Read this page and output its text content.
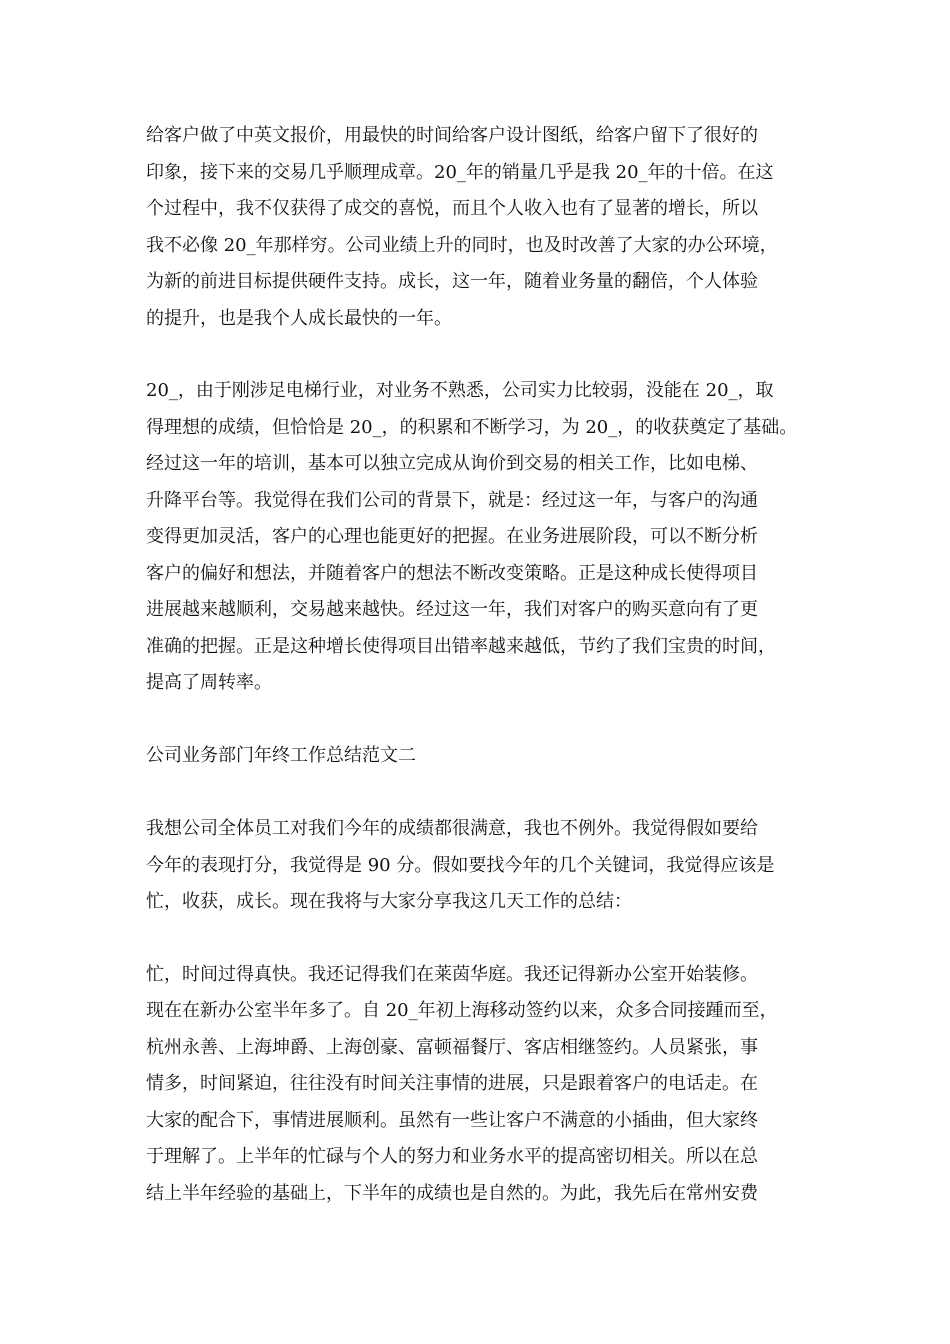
给客户做了中英文报价，用最快的时间给客户设计图纸，给客户留下了很好的
印象，接下来的交易几乎顺理成章。20_年的销量几乎是我 20_年的十倍。在这
个过程中，我不仅获得了成交的喜悦，而且个人收入也有了显著的增长，所以
我不必像 20_年那样穷。公司业绩上升的同时，也及时改善了大家的办公环境，
为新的前进目标提供硬件支持。成长，这一年，随着业务量的翻倍，个人体验
的提升，也是我个人成长最快的一年。
20_，由于刚涉足电梯行业，对业务不熟悉，公司实力比较弱，没能在 20_，取
得理想的成绩，但恰恰是 20_，的积累和不断学习，为 20_，的收获奠定了基础。
经过这一年的培训，基本可以独立完成从询价到交易的相关工作，比如电梯、
升降平台等。我觉得在我们公司的背景下，就是：经过这一年，与客户的沟通
变得更加灵活，客户的心理也能更好的把握。在业务进展阶段，可以不断分析
客户的偏好和想法，并随着客户的想法不断改变策略。正是这种成长使得项目
进展越来越顺利，交易越来越快。经过这一年，我们对客户的购买意向有了更
准确的把握。正是这种增长使得项目出错率越来越低，节约了我们宝贵的时间，
提高了周转率。
公司业务部门年终工作总结范文二
我想公司全体员工对我们今年的成绩都很满意，我也不例外。我觉得假如要给
今年的表现打分，我觉得是 90 分。假如要找今年的几个关键词，我觉得应该是
忙，收获，成长。现在我将与大家分享我这几天工作的总结：
忙，时间过得真快。我还记得我们在莱茵华庭。我还记得新办公室开始装修。
现在在新办公室半年多了。自 20_年初上海移动签约以来，众多合同接踵而至，
杭州永善、上海坤爵、上海创豪、富顿福餐厅、客店相继签约。人员紧张，事
情多，时间紧迫，往往没有时间关注事情的进展，只是跟着客户的电话走。在
大家的配合下，事情进展顺利。虽然有一些让客户不满意的小插曲，但大家终
于理解了。上半年的忙碌与个人的努力和业务水平的提高密切相关。所以在总
结上半年经验的基础上，下半年的成绩也是自然的。为此，我先后在常州安费
